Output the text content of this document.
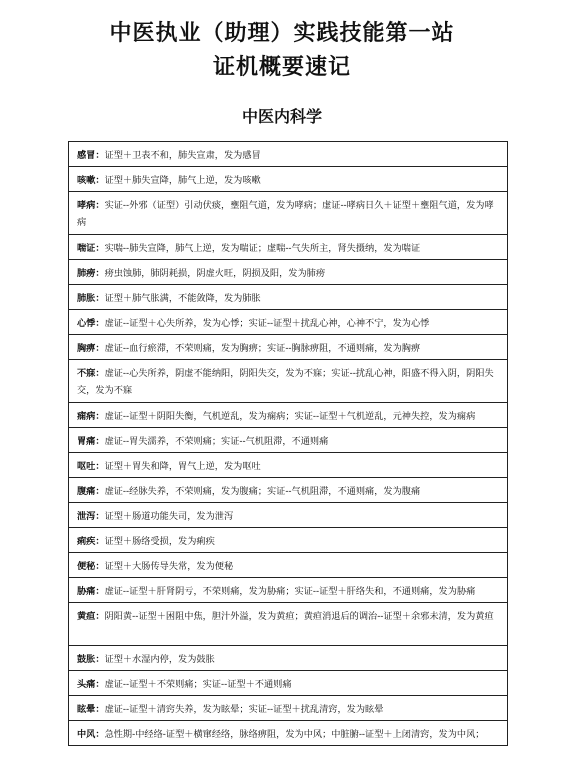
中医执业（助理）实践技能第一站
证机概要速记
中医内科学
感冒：证型＋卫表不和，肺失宣肃，发为感冒
咳嗽：证型＋肺失宣降，肺气上逆，发为咳嗽
哮病：实证--外邪（证型）引动伏痰，壅阻气道，发为哮病；虚证--哮病日久＋证型＋壅阻气道，发为哮病
喘证：实喘--肺失宣降，肺气上逆，发为喘证；虚喘--气失所主，肾失摄纳，发为喘证
肺痨：痨虫蚀肺，肺阴耗损，阴虚火旺，阴损及阳，发为肺痨
肺胀：证型＋肺气胀满，不能敛降，发为肺胀
心悸：虚证--证型＋心失所养，发为心悸；实证--证型＋扰乱心神，心神不宁，发为心悸
胸痹：虚证--血行瘀滞，不荣则痛，发为胸痹；实证--胸脉痹阻，不通则痛，发为胸痹
不寐：虚证--心失所养，阴虚不能纳阳，阴阳失交，发为不寐；实证--扰乱心神，阳盛不得入阴，阴阳失交，发为不寐
痫病：虚证--证型＋阴阳失衡，气机逆乱，发为痫病；实证--证型＋气机逆乱，元神失控，发为痫病
胃痛：虚证--胃失濡养，不荣则痛；实证--气机阻滞，不通则痛
呕吐：证型＋胃失和降，胃气上逆，发为呕吐
腹痛：虚证--经脉失养，不荣则痛，发为腹痛；实证--气机阻滞，不通则痛，发为腹痛
泄泻：证型＋肠道功能失司，发为泄泻
痢疾：证型＋肠络受损，发为痢疾
便秘：证型＋大肠传导失常，发为便秘
胁痛：虚证--证型＋肝肾阴亏，不荣则痛，发为胁痛；实证--证型＋肝络失和，不通则痛，发为胁痛
黄疸：阴阳黄--证型＋困阻中焦，胆汁外溢，发为黄疸；黄疸消退后的调治--证型＋余邪未清，发为黄疸
鼓胀：证型＋水湿内停，发为鼓胀
头痛：虚证--证型＋不荣则痛；实证--证型＋不通则痛
眩晕：虚证--证型＋清窍失养，发为眩晕；实证--证型＋扰乱清窍，发为眩晕
中风：急性期-中经络-证型＋横窜经络，脉络痹阻，发为中风；中脏腑--证型＋上闭清窍，发为中风；
